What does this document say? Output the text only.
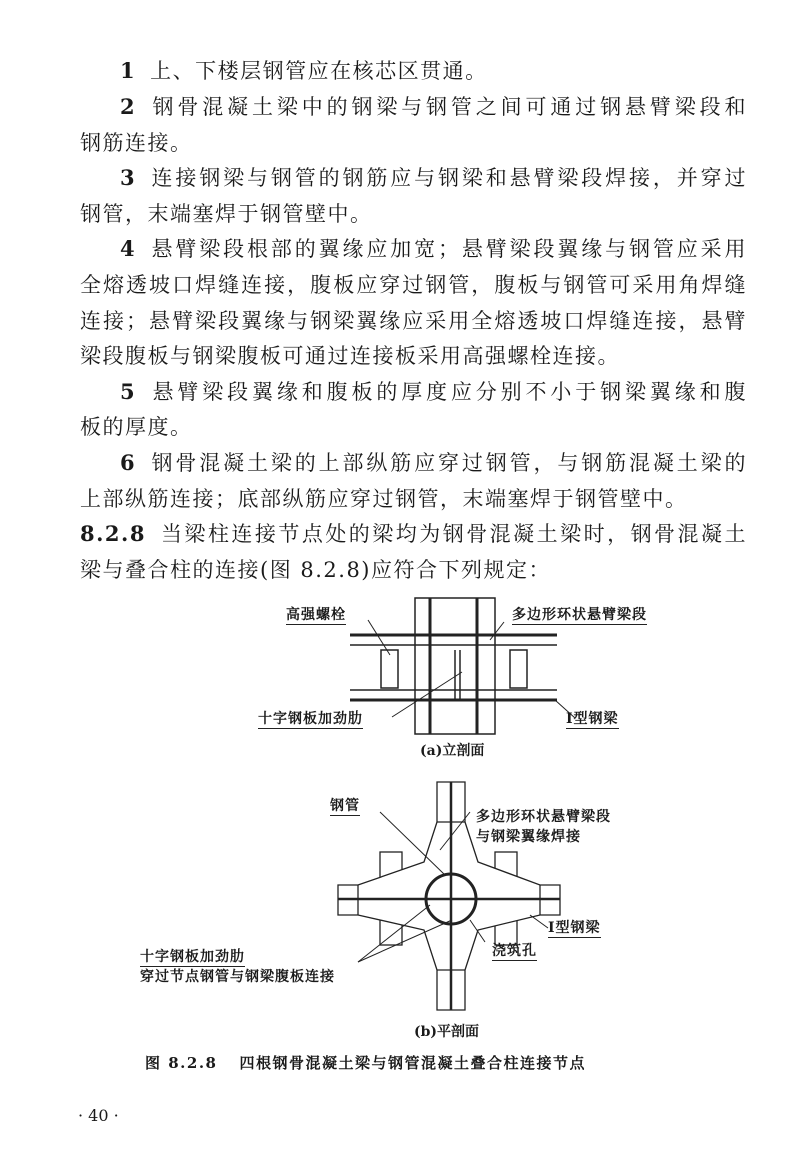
1 上、下楼层钢管应在核芯区贯通。
2 钢骨混凝土梁中的钢梁与钢管之间可通过钢悬臂梁段和
钢筋连接。
3 连接钢梁与钢管的钢筋应与钢梁和悬臂梁段焊接，并穿过
钢管，末端塞焊于钢管壁中。
4 悬臂梁段根部的翼缘应加宽；悬臂梁段翼缘与钢管应采用
全熔透坡口焊缝连接，腹板应穿过钢管，腹板与钢管可采用角焊缝
连接；悬臂梁段翼缘与钢梁翼缘应采用全熔透坡口焊缝连接，悬臂
梁段腹板与钢梁腹板可通过连接板采用高强螺栓连接。
5 悬臂梁段翼缘和腹板的厚度应分别不小于钢梁翼缘和腹
板的厚度。
6 钢骨混凝土梁的上部纵筋应穿过钢管，与钢筋混凝土梁的
上部纵筋连接；底部纵筋应穿过钢管，末端塞焊于钢管壁中。
8.2.8 当梁柱连接节点处的梁均为钢骨混凝土梁时，钢骨混凝土
梁与叠合柱的连接(图 8.2.8)应符合下列规定：
高强螺栓	多边形环状悬臂梁段
十字钢板加劲肋	I型钢梁
(a)立剖面
钢管
多边形环状悬臂梁段
与钢梁翼缘焊接
I型钢梁
浇筑孔
十字钢板加劲肋
穿过节点钢管与钢梁腹板连接
(b)平剖面
图 8.2.8 四根钢骨混凝土梁与钢管混凝土叠合柱连接节点
· 40 ·
